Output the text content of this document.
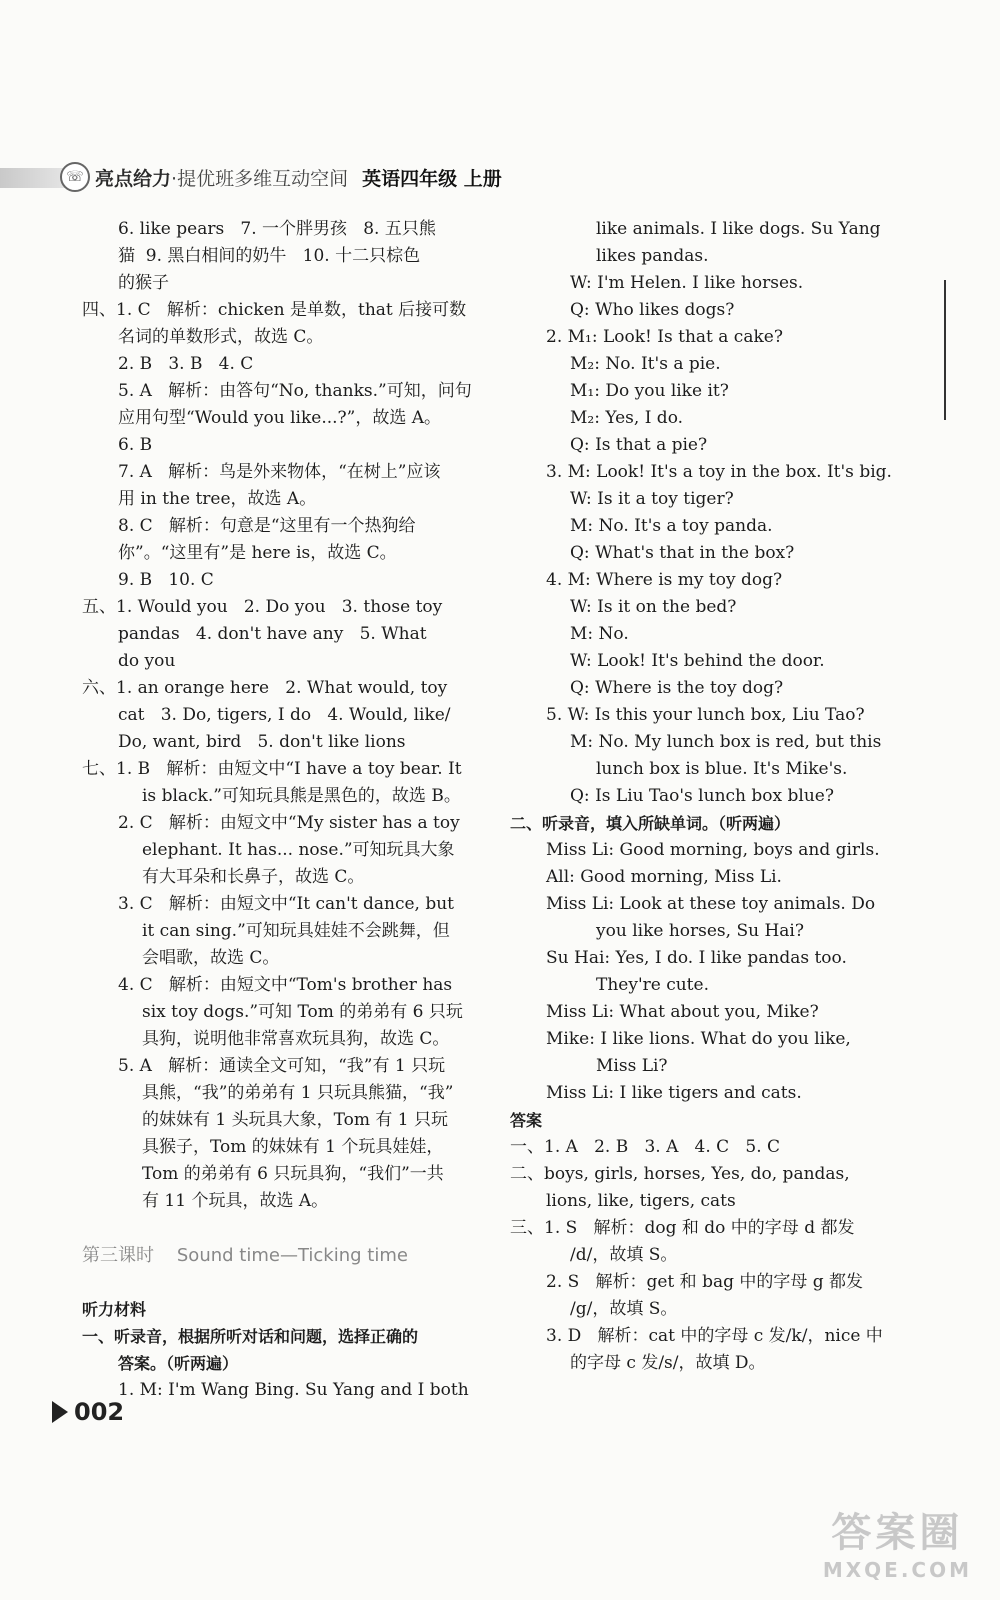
☏ 亮点给力·提优班多维互动空间 英语四年级 上册
6. like pears   7. 一个胖男孩   8. 五只熊
猫  9. 黑白相间的奶牛   10. 十二只棕色
的猴子
四、1. C   解析：chicken 是单数，that 后接可数
名词的单数形式，故选 C。
2. B   3. B   4. C
5. A   解析：由答句“No, thanks.”可知，问句
应用句型“Would you like...?”，故选 A。
6. B
7. A   解析：鸟是外来物体，“在树上”应该
用 in the tree，故选 A。
8. C   解析：句意是“这里有一个热狗给
你”。“这里有”是 here is，故选 C。
9. B   10. C
五、1. Would you   2. Do you   3. those toy
pandas   4. don't have any   5. What
do you
六、1. an orange here   2. What would, toy
cat   3. Do, tigers, I do   4. Would, like/
Do, want, bird   5. don't like lions
七、1. B   解析：由短文中“I have a toy bear. It
is black.”可知玩具熊是黑色的，故选 B。
2. C   解析：由短文中“My sister has a toy
elephant. It has... nose.”可知玩具大象
有大耳朵和长鼻子，故选 C。
3. C   解析：由短文中“It can't dance, but
it can sing.”可知玩具娃娃不会跳舞，但
会唱歌，故选 C。
4. C   解析：由短文中“Tom's brother has
six toy dogs.”可知 Tom 的弟弟有 6 只玩
具狗，说明他非常喜欢玩具狗，故选 C。
5. A   解析：通读全文可知，“我”有 1 只玩
具熊，“我”的弟弟有 1 只玩具熊猫，“我”
的妹妹有 1 头玩具大象，Tom 有 1 只玩
具猴子，Tom 的妹妹有 1 个玩具娃娃，
Tom 的弟弟有 6 只玩具狗，“我们”一共
有 11 个玩具，故选 A。

第三课时    Sound time—Ticking time

听力材料
一、听录音，根据所听对话和问题，选择正确的
答案。（听两遍）
1. M: I'm Wang Bing. Su Yang and I both
like animals. I like dogs. Su Yang
likes pandas.
W: I'm Helen. I like horses.
Q: Who likes dogs?
2. M₁: Look! Is that a cake?
M₂: No. It's a pie.
M₁: Do you like it?
M₂: Yes, I do.
Q: Is that a pie?
3. M: Look! It's a toy in the box. It's big.
W: Is it a toy tiger?
M: No. It's a toy panda.
Q: What's that in the box?
4. M: Where is my toy dog?
W: Is it on the bed?
M: No.
W: Look! It's behind the door.
Q: Where is the toy dog?
5. W: Is this your lunch box, Liu Tao?
M: No. My lunch box is red, but this
lunch box is blue. It's Mike's.
Q: Is Liu Tao's lunch box blue?
二、听录音，填入所缺单词。（听两遍）
Miss Li: Good morning, boys and girls.
All: Good morning, Miss Li.
Miss Li: Look at these toy animals. Do
you like horses, Su Hai?
Su Hai: Yes, I do. I like pandas too.
They're cute.
Miss Li: What about you, Mike?
Mike: I like lions. What do you like,
Miss Li?
Miss Li: I like tigers and cats.
答案
一、1. A   2. B   3. A   4. C   5. C
二、boys, girls, horses, Yes, do, pandas,
lions, like, tigers, cats
三、1. S   解析：dog 和 do 中的字母 d 都发
/d/，故填 S。
2. S   解析：get 和 bag 中的字母 g 都发
/g/，故填 S。
3. D   解析：cat 中的字母 c 发/k/，nice 中
的字母 c 发/s/，故填 D。
002
答案圈
MXQE.COM
